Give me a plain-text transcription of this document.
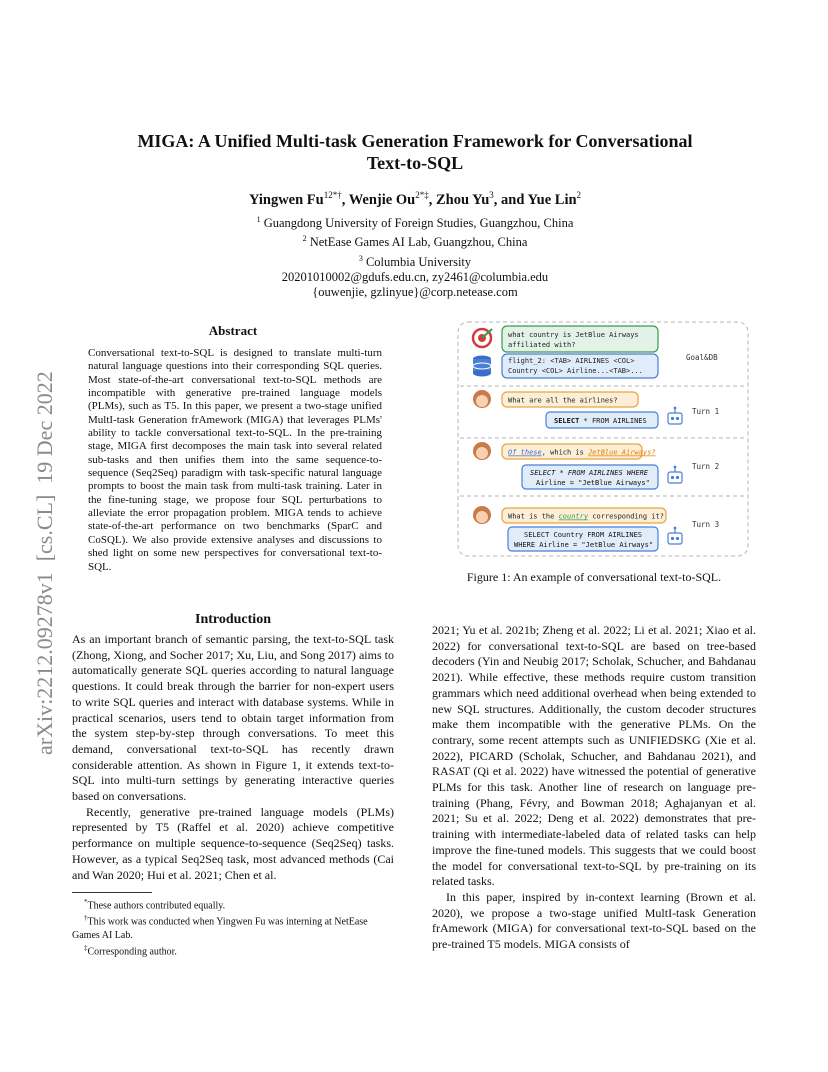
arXiv:2212.09278v1  [cs.CL]  19 Dec 2022
MIGA: A Unified Multi-task Generation Framework for Conversational
Text-to-SQL
Yingwen $Fu^{12*\dagger}$, Wenjie $Ou^{2*\ddagger}$, Zhou Yu$^3$, and Yue Lin$^2$
$^1$ Guangdong University of Foreign Studies, Guangzhou, China
$^2$ NetEase Games AI Lab, Guangzhou, China
$^3$ Columbia University
20201010002@gdufs.edu.cn, zy2461@columbia.edu
{ouwenjie, gzlinyue}@corp.netease.com
Abstract
Conversational text-to-SQL is designed to translate multi-turn natural language questions into their corresponding SQL queries. Most state-of-the-art conversational text-to-SQL methods are incompatible with generative pre-trained language models (PLMs), such as T5. In this paper, we present a two-stage unified MultI-task Generation frAmework (MIGA) that leverages PLMs' ability to tackle conversational text-to-SQL. In the pre-training stage, MIGA first decomposes the main task into several related sub-tasks and then unifies them into the same sequence-to-sequence (Seq2Seq) paradigm with task-specific natural language prompts to boost the main task from multi-task training. Later in the fine-tuning stage, we propose four SQL perturbations to alleviate the error propagation problem. MIGA tends to achieve state-of-the-art performance on two benchmarks (SparC and CoSQL). We also provide extensive analyses and discussions to shed light on some new perspectives for conversational text-to-SQL.
Introduction

As an important branch of semantic parsing, the text-to-SQL task (Zhong, Xiong, and Socher 2017; Xu, Liu, and Song 2017) aims to automatically generate SQL queries according to natural language questions. It could break through the barrier for non-expert users to write SQL queries and interact with database systems. While in practical scenarios, users tend to obtain target information from the system step-by-step through conversations. To meet this demand, conversational text-to-SQL has recently drawn considerable attention. As shown in Figure 1, it extends text-to-SQL into multi-turn settings by generating interactive queries based on conversations.

Recently, generative pre-trained language models (PLMs) represented by T5 (Raffel et al. 2020) achieve competitive performance on multiple sequence-to-sequence (Seq2Seq) tasks. However, as a typical Seq2Seq task, most advanced methods (Cai and Wan 2020; Hui et al. 2021; Chen et al.

*These authors contributed equally.

†This work was conducted when Yingwen Fu was interning at NetEase Games AI Lab.

‡Corresponding author.

2021; Yu et al. 2021b; Zheng et al. 2022; Li et al. 2021; Xiao et al. 2022) for conversational text-to-SQL are based on tree-based decoders (Yin and Neubig 2017; Scholak, Schucher, and Bahdanau 2021). While effective, these methods require custom transition grammars which need additional overhead when being extended to new SQL structures. Additionally, the custom decoder structures make them incompatible with the generative PLMs. On the contrary, some recent attempts such as UNIFIEDSKG (Xie et al. 2022), PICARD (Scholak, Schucher, and Bahdanau 2021), and RASAT (Qi et al. 2022) have witnessed the potential of generative PLMs for this task. Another line of research on language pre-training (Phang, Févry, and Bowman 2018; Aghajanyan et al. 2021; Su et al. 2022; Deng et al. 2022) demonstrates that pre-training with intermediate-labeled data of related tasks can help improve the fine-tuned models. This suggests that we could boost the model for conversational text-to-SQL by pre-training on its related tasks.

In this paper, inspired by in-context learning (Brown et al. 2020), we propose a two-stage unified MultI-task Generation frAmework (MIGA) for conversational text-to-SQL based on the pre-trained T5 models. MIGA consists of

what country is JetBlue Airways
affiliated with?
flight_2: <TAB> AIRLINES <COL>
Country <COL> Airline...<TAB>...
Goal&DB
What are all the airlines?
Turn 1
SELECT * FROM AIRLINES
Of these, which is JetBlue Airways?
Turn 2
SELECT * FROM AIRLINES WHERE
Airline = "JetBlue Airways"
What is the country corresponding it?
Turn 3
SELECT Country FROM AIRLINES
WHERE Airline = "JetBlue Airways"
Figure 1: An example of conversational text-to-SQL.
